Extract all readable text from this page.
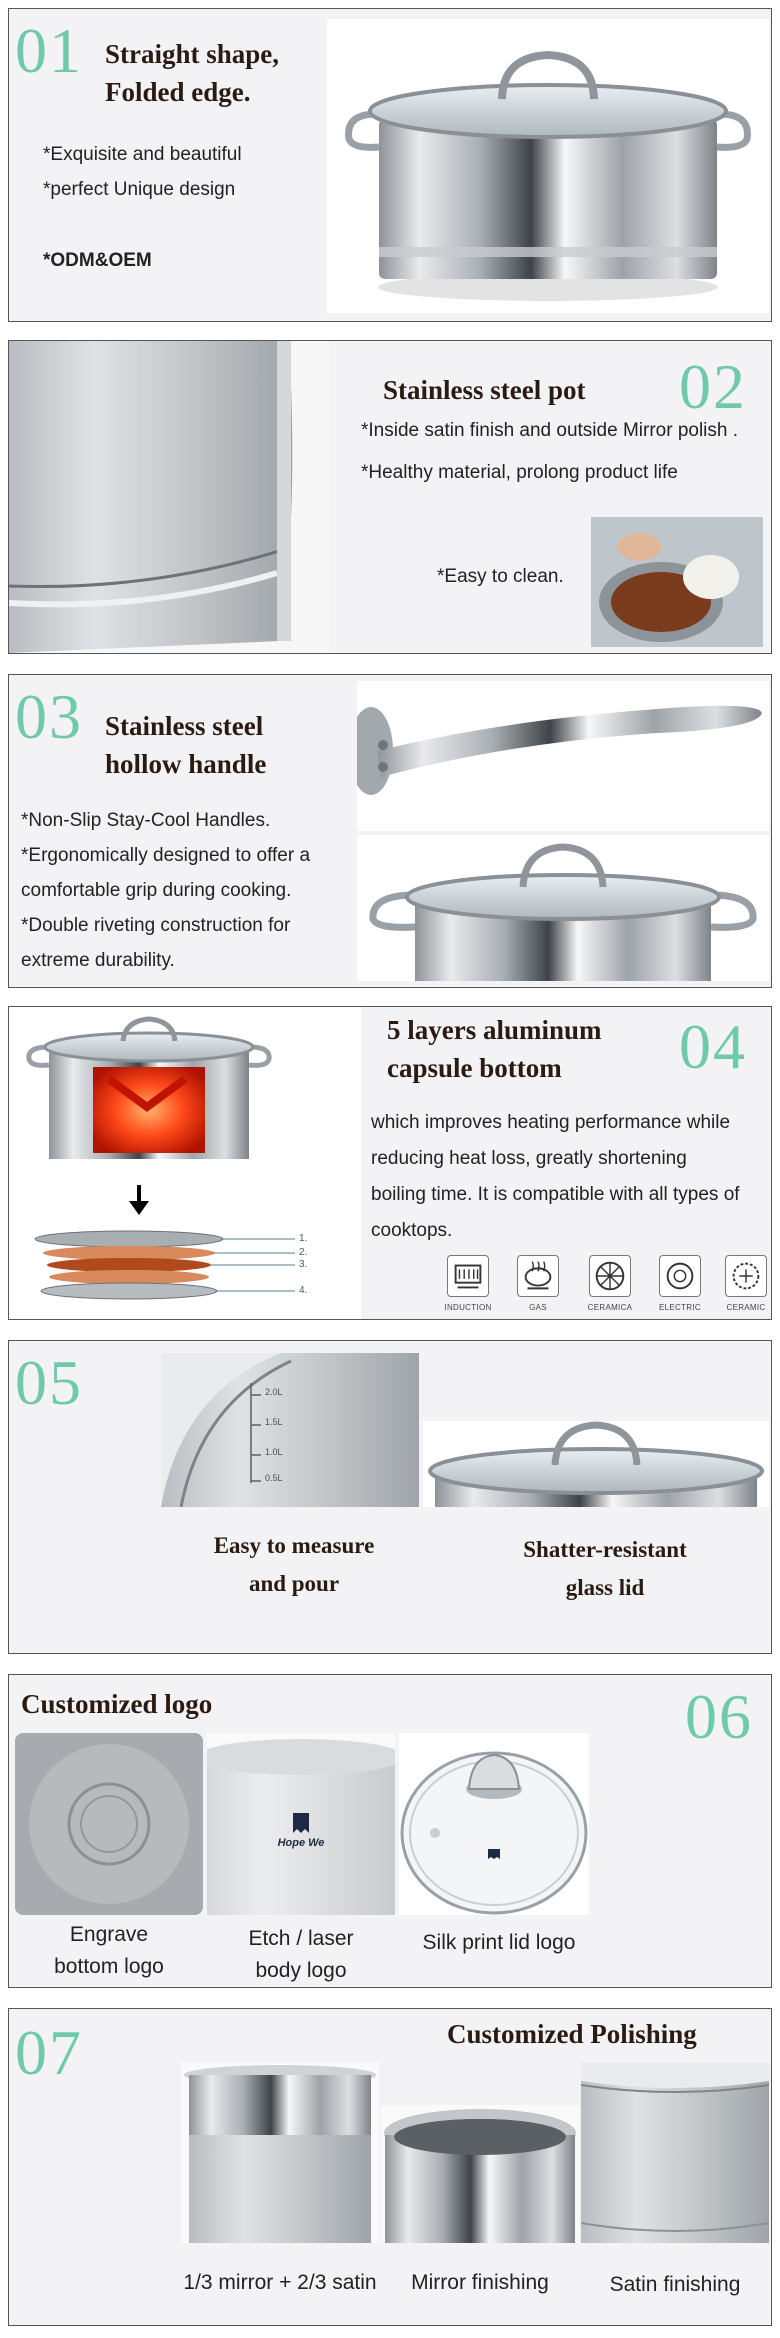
01 Straight shape,
Folded edge.
*Exquisite and beautiful
*perfect Unique design
*ODM&OEM
Stainless steel pot 02
*Inside satin finish and outside Mirror polish .
*Healthy material, prolong product life
*Easy to clean.
03 Stainless steel
hollow handle
*Non-Slip Stay-Cool Handles.
*Ergonomically designed to offer a
comfortable grip during cooking.
*Double riveting construction for
extreme durability.
1.
2.
3.
4.
5 layers aluminum
capsule bottom	04
which improves heating performance while
reducing heat loss, greatly shortening
boiling time. It is compatible with all types of
cooktops.
INDUCTION	GAS	CERAMICA	ELECTRIC	CERAMIC
05	2.0L
1.5L
1.0L
0.5L
Easy to measure
and pour
Shatter-resistant
glass lid
Customized logo	06
Hope We
Engrave
bottom logo
Etch / laser
body logo
Silk print lid logo
07	Customized Polishing
1/3 mirror + 2/3 satin	Mirror finishing	Satin finishing
